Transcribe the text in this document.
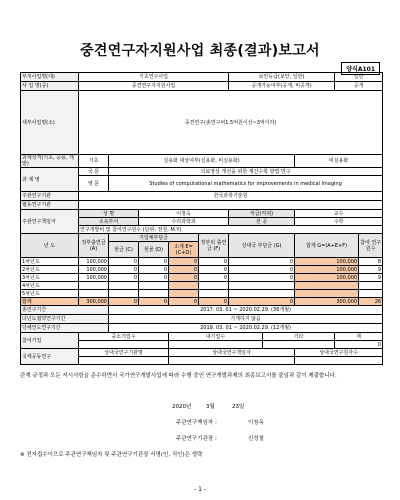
중견연구자지원사업 최종(결과)보고서
양식A101
부처사업명(대)	기초연구사업					보안등급(보안, 일반)			일반	
사 업 명(중)	중견연구자지원사업					공개가능여부(공개, 비공개)			공개	
세부사업명(소)	중견연구(총연구비1.5억원이상~3억이하)									
과제성격(기초, 응용, 개발)	기초	실용화 대상여부(실용화, 비실용화)						비실용화		
과 제 명	국 문	의료영상 개선을 위한 계산수학 방법 연구								
	영 문	Studies of computational mathematics for improvements in medical imaging								
주관연구기관	한국과학기술원									
협동연구기관										
주관연구책임자	성 명		이창옥			직급(직위)		교수		
	소속부서		수리과학과			전 공		수학		
	연구개발비 및 참여연구원수 (단위: 천원, M.Y)									
년 도	정부출연금 (A)	기업체부담금			정부외 출연금 (F)	상대국 부담금 (G)		합계 G=(A+E+F)		참여 연구원수
		현금 (C)	현물 (D)	소계 E=(C+D)						
1차년도	100,000	0	0	0	0	0		100,000		8
2차년도	100,000	0	0	0	0	0		100,000		9
3차년도	100,000	0	0	0	0	0		100,000		9
4차년도										
5차년도										
합계	300,000	0	0	0	0	0		300,000		26
총연구기간		2017. 03. 01 ~ 2020.02.29. (36개월)								
다년도협약연구기간		기재하지 않음								
당해연도연구기간		2019. 03. 01 ~ 2020.02.29. (12개월)								
참여기업	중소기업수			대기업수			기타		계	
									0	
국제공동연구	상대국연구기관명			상대국연구책임자				상대국연구원자수		

관계 규정과 모든 지시사항을 준수하면서 국가연구개발사업에 따라 수행 중인 연구개발과제의 최종보고서를 붙임과 같이 제출합니다.
2020년	3월	23일
주관연구책임자 :	이창옥
주관연구기관장 :	신성철
※ 전자접수이므로 주관연구책임자 및 주관연구기관장 서명(인, 직인)은 생략
- 1 -
